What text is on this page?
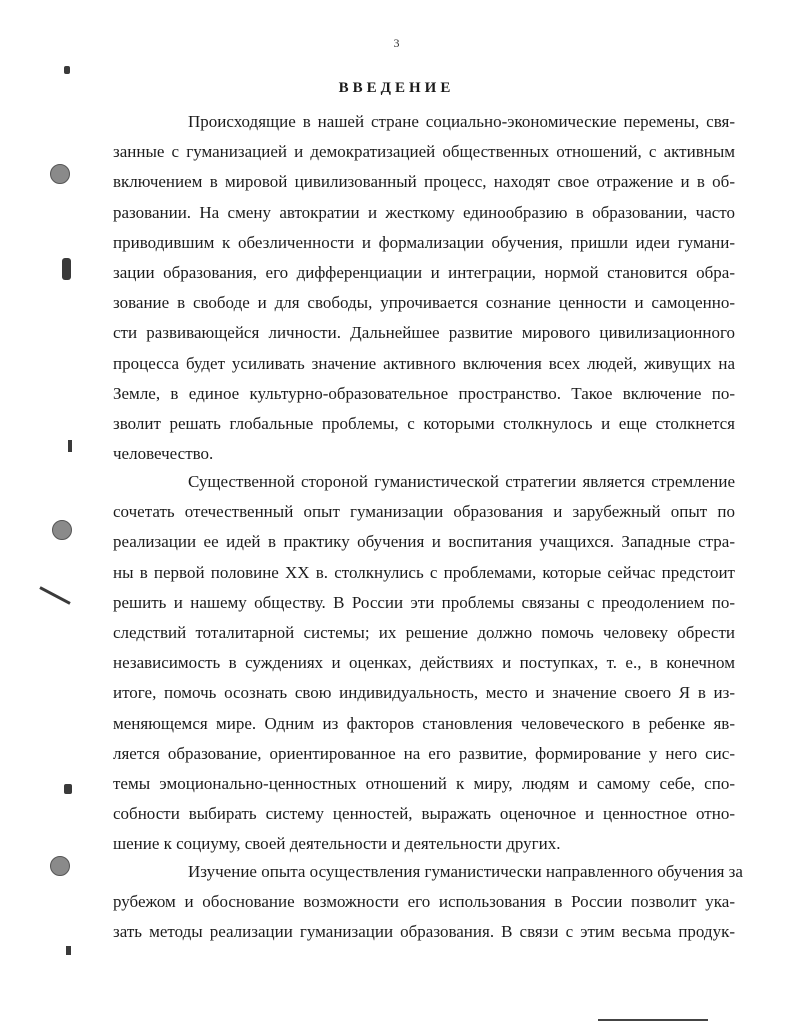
3
ВВЕДЕНИЕ
Происходящие в нашей стране социально-экономические перемены, свя-
занные с гуманизацией и демократизацией общественных отношений, с активным
включением в мировой цивилизованный процесс, находят свое отражение и в об-
разовании. На смену автократии и жесткому единообразию в образовании, часто
приводившим к обезличенности и формализации обучения, пришли идеи гумани-
зации образования, его дифференциации и интеграции, нормой становится обра-
зование в свободе и для свободы, упрочивается сознание ценности и самоценно-
сти развивающейся личности. Дальнейшее развитие мирового цивилизационного
процесса будет усиливать значение активного включения всех людей, живущих на
Земле, в единое культурно-образовательное пространство. Такое включение по-
зволит решать глобальные проблемы, с которыми столкнулось и еще столкнется
человечество.
Существенной стороной гуманистической стратегии является стремление
сочетать отечественный опыт гуманизации образования и зарубежный опыт по
реализации ее идей в практику обучения и воспитания учащихся. Западные стра-
ны в первой половине XX в. столкнулись с проблемами, которые сейчас предстоит
решить и нашему обществу. В России эти проблемы связаны с преодолением по-
следствий тоталитарной системы; их решение должно помочь человеку обрести
независимость в суждениях и оценках, действиях и поступках, т. е., в конечном
итоге, помочь осознать свою индивидуальность, место и значение своего Я в из-
меняющемся мире. Одним из факторов становления человеческого в ребенке яв-
ляется образование, ориентированное на его развитие, формирование у него сис-
темы эмоционально-ценностных отношений к миру, людям и самому себе, спо-
собности выбирать систему ценностей, выражать оценочное и ценностное отно-
шение к социуму, своей деятельности и деятельности других.
Изучение опыта осуществления гуманистически направленного обучения за
рубежом и обоснование возможности его использования в России позволит ука-
зать методы реализации гуманизации образования. В связи с этим весьма продук-
